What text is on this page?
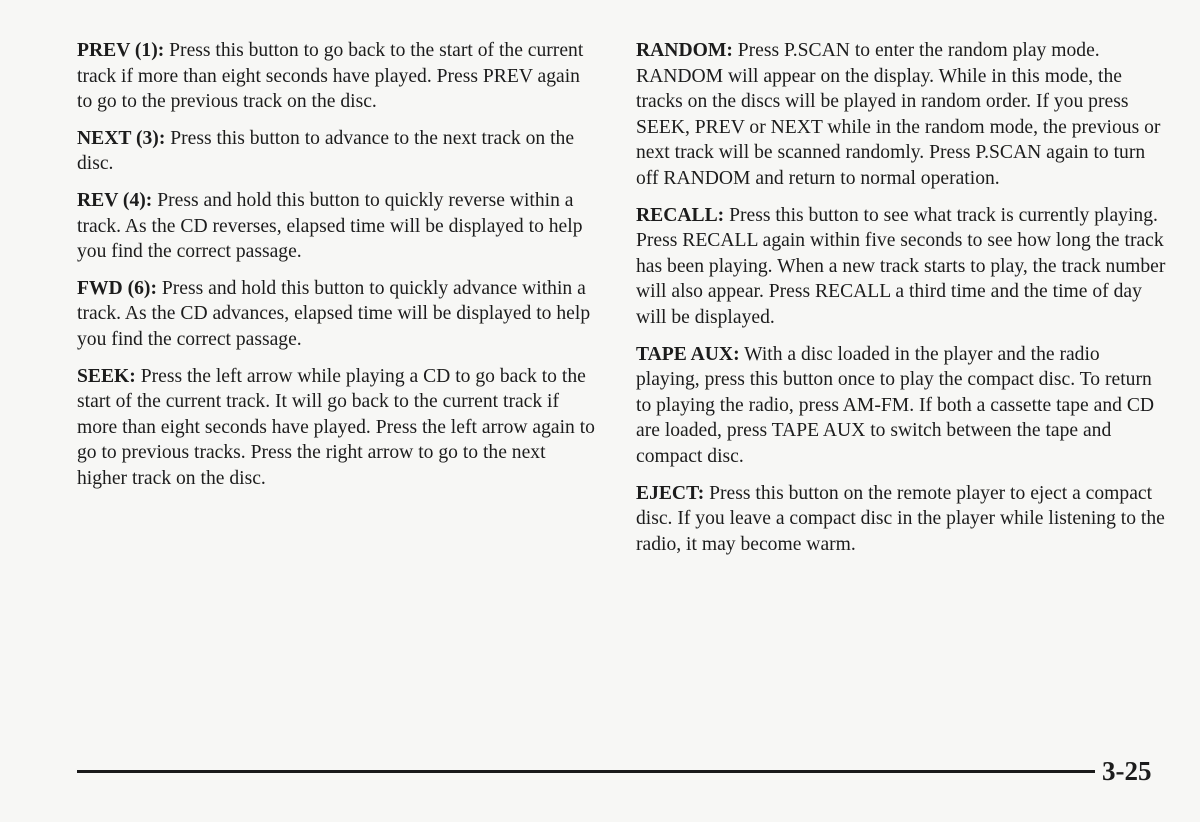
PREV (1): Press this button to go back to the start of the current track if more than eight seconds have played. Press PREV again to go to the previous track on the disc.

NEXT (3): Press this button to advance to the next track on the disc.

REV (4): Press and hold this button to quickly reverse within a track. As the CD reverses, elapsed time will be displayed to help you find the correct passage.

FWD (6): Press and hold this button to quickly advance within a track. As the CD advances, elapsed time will be displayed to help you find the correct passage.

SEEK: Press the left arrow while playing a CD to go back to the start of the current track. It will go back to the current track if more than eight seconds have played. Press the left arrow again to go to previous tracks. Press the right arrow to go to the next higher track on the disc.

RANDOM: Press P.SCAN to enter the random play mode. RANDOM will appear on the display. While in this mode, the tracks on the discs will be played in random order. If you press SEEK, PREV or NEXT while in the random mode, the previous or next track will be scanned randomly. Press P.SCAN again to turn off RANDOM and return to normal operation.

RECALL: Press this button to see what track is currently playing. Press RECALL again within five seconds to see how long the track has been playing. When a new track starts to play, the track number will also appear. Press RECALL a third time and the time of day will be displayed.

TAPE AUX: With a disc loaded in the player and the radio playing, press this button once to play the compact disc. To return to playing the radio, press AM-FM. If both a cassette tape and CD are loaded, press TAPE AUX to switch between the tape and compact disc.

EJECT: Press this button on the remote player to eject a compact disc. If you leave a compact disc in the player while listening to the radio, it may become warm.

3-25
